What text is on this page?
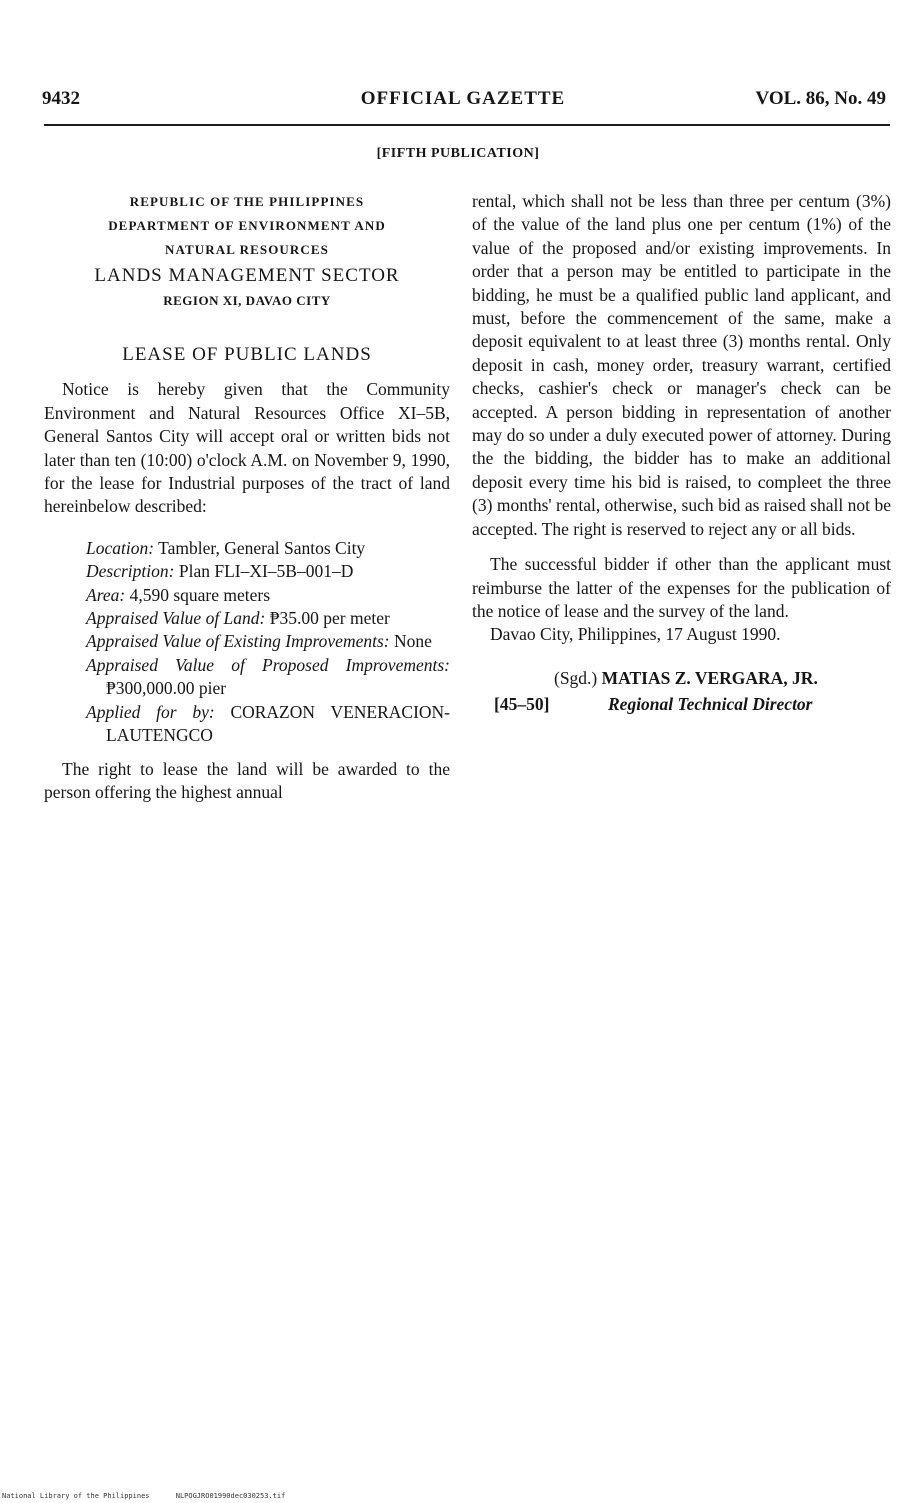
9432	OFFICIAL GAZETTE	VOL. 86, No. 49
[FIFTH PUBLICATION]
REPUBLIC OF THE PHILIPPINES
DEPARTMENT OF ENVIRONMENT AND
NATURAL RESOURCES
LANDS MANAGEMENT SECTOR
REGION XI, DAVAO CITY
LEASE OF PUBLIC LANDS

Notice is hereby given that the Community Environment and Natural Resources Office XI–5B, General Santos City will accept oral or written bids not later than ten (10:00) o'clock A.M. on November 9, 1990, for the lease for Industrial purposes of the tract of land hereinbelow described:

Location: Tambler, General Santos City
Description: Plan FLI–XI–5B–001–D
Area: 4,590 square meters
Appraised Value of Land: ₱35.00 per meter
Appraised Value of Existing Improvements: None
Appraised Value of Proposed Improvements: ₱300,000.00 pier
Applied for by: CORAZON VENERACION-LAUTENGCO

The right to lease the land will be awarded to the person offering the highest annual

rental, which shall not be less than three per centum (3%) of the value of the land plus one per centum (1%) of the value of the proposed and/or existing improvements. In order that a person may be entitled to participate in the bidding, he must be a qualified public land applicant, and must, before the commencement of the same, make a deposit equivalent to at least three (3) months rental. Only deposit in cash, money order, treasury warrant, certified checks, cashier's check or manager's check can be accepted. A person bidding in representation of another may do so under a duly executed power of attorney. During the the bidding, the bidder has to make an additional deposit every time his bid is raised, to compleet the three (3) months' rental, otherwise, such bid as raised shall not be accepted. The right is reserved to reject any or all bids.

The successful bidder if other than the applicant must reimburse the latter of the expenses for the publication of the notice of lease and the survey of the land.

Davao City, Philippines, 17 August 1990.

(Sgd.) MATIAS Z. VERGARA, JR.
[45–50]	Regional Technical Director
National Library of the Philippines	NLPOGJRO01990dec030253.tif
